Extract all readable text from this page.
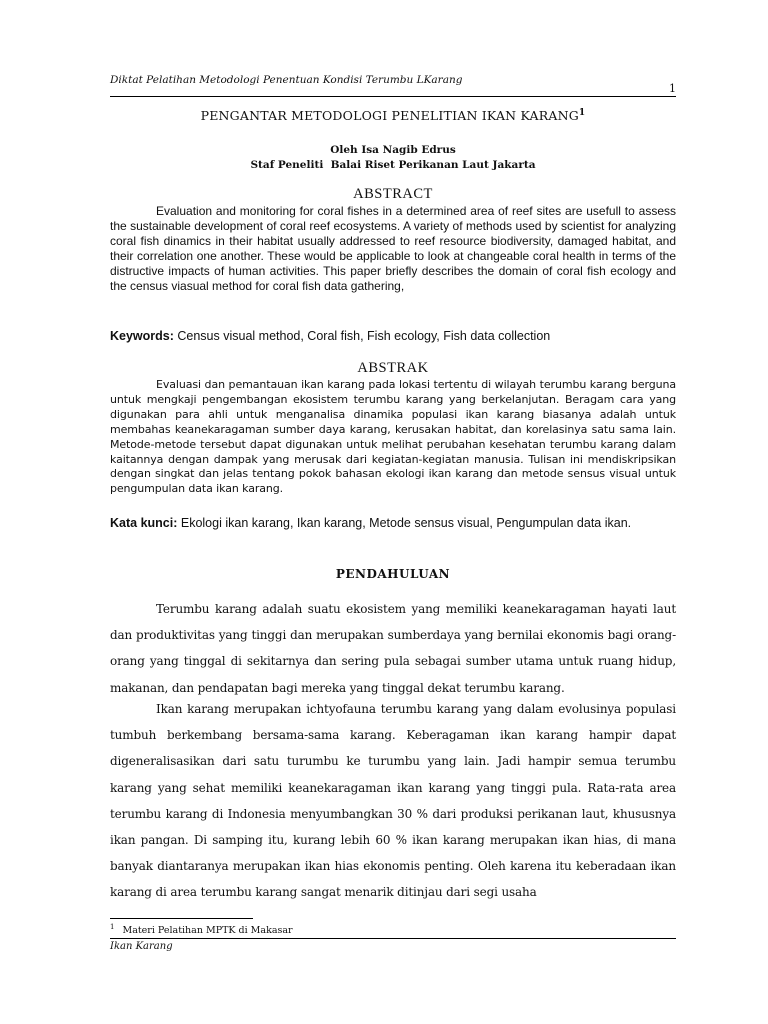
Diktat Pelatihan Metodologi Penentuan Kondisi Terumbu LKarang
1
PENGANTAR METODOLOGI PENELITIAN IKAN KARANG$^1$
Oleh Isa Nagib Edrus
Staf Peneliti  Balai Riset Perikanan Laut Jakarta
ABSTRACT
Evaluation and monitoring for coral fishes in a determined area of reef sites are usefull to assess the sustainable development of coral reef ecosystems. A variety of methods used by scientist for analyzing coral fish dinamics in their habitat usually addressed to reef resource biodiversity, damaged habitat, and their correlation one another. These would be applicable to look at changeable coral health in terms of the distructive impacts of human activities. This paper briefly describes the domain of coral fish ecology and the census viasual method for coral fish data gathering,
Keywords: Census visual method, Coral fish, Fish ecology, Fish data collection
ABSTRAK
Evaluasi dan pemantauan ikan karang pada lokasi tertentu di wilayah terumbu karang berguna untuk mengkaji pengembangan ekosistem terumbu karang yang berkelanjutan. Beragam cara yang digunakan para ahli untuk menganalisa dinamika populasi ikan karang biasanya adalah untuk membahas keanekaragaman sumber daya karang, kerusakan habitat, dan korelasinya satu sama lain. Metode-metode tersebut dapat digunakan untuk melihat perubahan kesehatan terumbu karang dalam kaitannya dengan dampak yang merusak dari kegiatan-kegiatan manusia. Tulisan ini mendiskripsikan dengan singkat dan jelas tentang pokok bahasan ekologi ikan karang dan metode sensus visual untuk pengumpulan data ikan karang.
Kata kunci: Ekologi ikan karang, Ikan karang, Metode sensus visual, Pengumpulan data ikan.
PENDAHULUAN
Terumbu karang adalah suatu ekosistem yang memiliki keanekaragaman hayati laut dan produktivitas yang tinggi dan merupakan sumberdaya yang bernilai ekonomis bagi orang-orang yang tinggal di sekitarnya dan sering pula sebagai sumber utama untuk ruang hidup, makanan, dan pendapatan bagi mereka yang tinggal dekat terumbu karang.
Ikan karang merupakan ichtyofauna terumbu karang yang dalam evolusinya populasi tumbuh berkembang bersama-sama karang. Keberagaman ikan karang hampir dapat digeneralisasikan dari satu turumbu ke turumbu yang lain. Jadi hampir semua terumbu karang yang sehat memiliki keanekaragaman ikan karang yang tinggi pula. Rata-rata area terumbu karang di Indonesia menyumbangkan 30 % dari produksi perikanan laut, khususnya ikan pangan. Di samping itu, kurang lebih 60 % ikan karang merupakan ikan hias, di mana banyak diantaranya merupakan ikan hias ekonomis penting. Oleh karena itu keberadaan ikan karang di area terumbu karang sangat menarik ditinjau dari segi usaha
$^1$ Materi Pelatihan MPTK di Makasar
Ikan Karang
